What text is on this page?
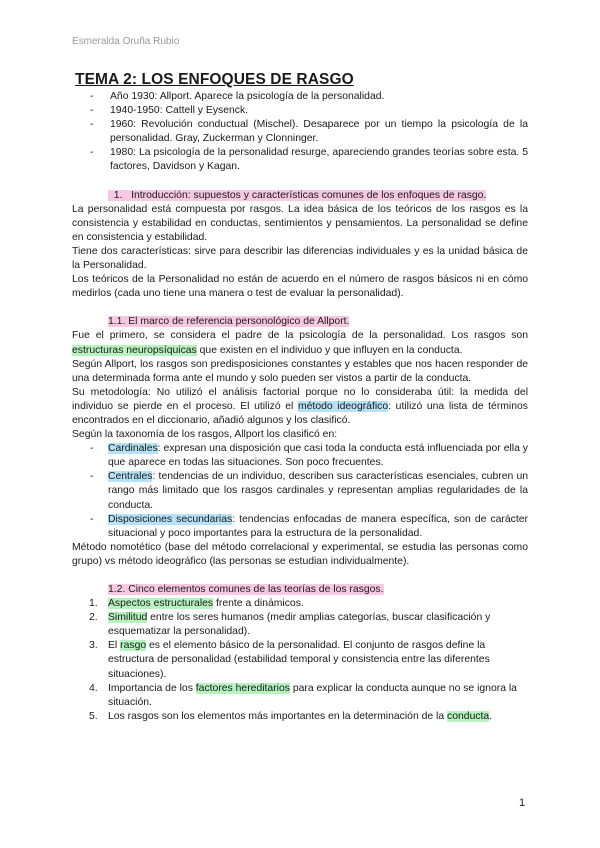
Esmeralda Oruña Rubio
TEMA 2: LOS ENFOQUES DE RASGO
- Año 1930: Allport. Aparece la psicología de la personalidad.
- 1940-1950: Cattell y Eysenck.
- 1960: Revolución conductual (Mischel). Desaparece por un tiempo la psicología de la personalidad. Gray, Zuckerman y Clonninger.
- 1980: La psicología de la personalidad resurge, apareciendo grandes teorías sobre esta. 5 factores, Davidson y Kagan.

1. Introducción: supuestos y características comunes de los enfoques de rasgo.

La personalidad está compuesta por rasgos. La idea básica de los teóricos de los rasgos es la consistencia y estabilidad en conductas, sentimientos y pensamientos. La personalidad se define en consistencia y estabilidad.

Tiene dos características: sirve para describir las diferencias individuales y es la unidad básica de la Personalidad.

Los teóricos de la Personalidad no están de acuerdo en el número de rasgos básicos ni en cómo medirlos (cada uno tiene una manera o test de evaluar la personalidad).

1.1. El marco de referencia personológico de Allport.

Fue el primero, se considera el padre de la psicología de la personalidad. Los rasgos son estructuras neuropsíquicas que existen en el individuo y que influyen en la conducta.

Según Allport, los rasgos son predisposiciones constantes y estables que nos hacen responder de una determinada forma ante el mundo y solo pueden ser vistos a partir de la conducta.

Su metodología: No utilizó el análisis factorial porque no lo consideraba útil: la medida del individuo se pierde en el proceso. El utilizó el método ideográfico: utilizó una lista de términos encontrados en el diccionario, añadió algunos y los clasificó.

Según la taxonomía de los rasgos, Allport los clasificó en:

- Cardinales: expresan una disposición que casi toda la conducta está influenciada por ella y que aparece en todas las situaciones. Son poco frecuentes.
- Centrales: tendencias de un individuo, describen sus características esenciales, cubren un rango más limitado que los rasgos cardinales y representan amplias regularidades de la conducta.
- Disposiciones secundarias: tendencias enfocadas de manera específica, son de carácter situacional y poco importantes para la estructura de la personalidad.

Método nomotético (base del método correlacional y experimental, se estudia las personas como grupo) vs método ideográfico (las personas se estudian individualmente).

1.2. Cinco elementos comunes de las teorías de los rasgos.

1. Aspectos estructurales frente a dinámicos.
2. Similitud entre los seres humanos (medir amplias categorías, buscar clasificación y esquematizar la personalidad).
3. El rasgo es el elemento básico de la personalidad. El conjunto de rasgos define la estructura de personalidad (estabilidad temporal y consistencia entre las diferentes situaciones).
4. Importancia de los factores hereditarios para explicar la conducta aunque no se ignora la situación.
5. Los rasgos son los elementos más importantes en la determinación de la conducta.
1
